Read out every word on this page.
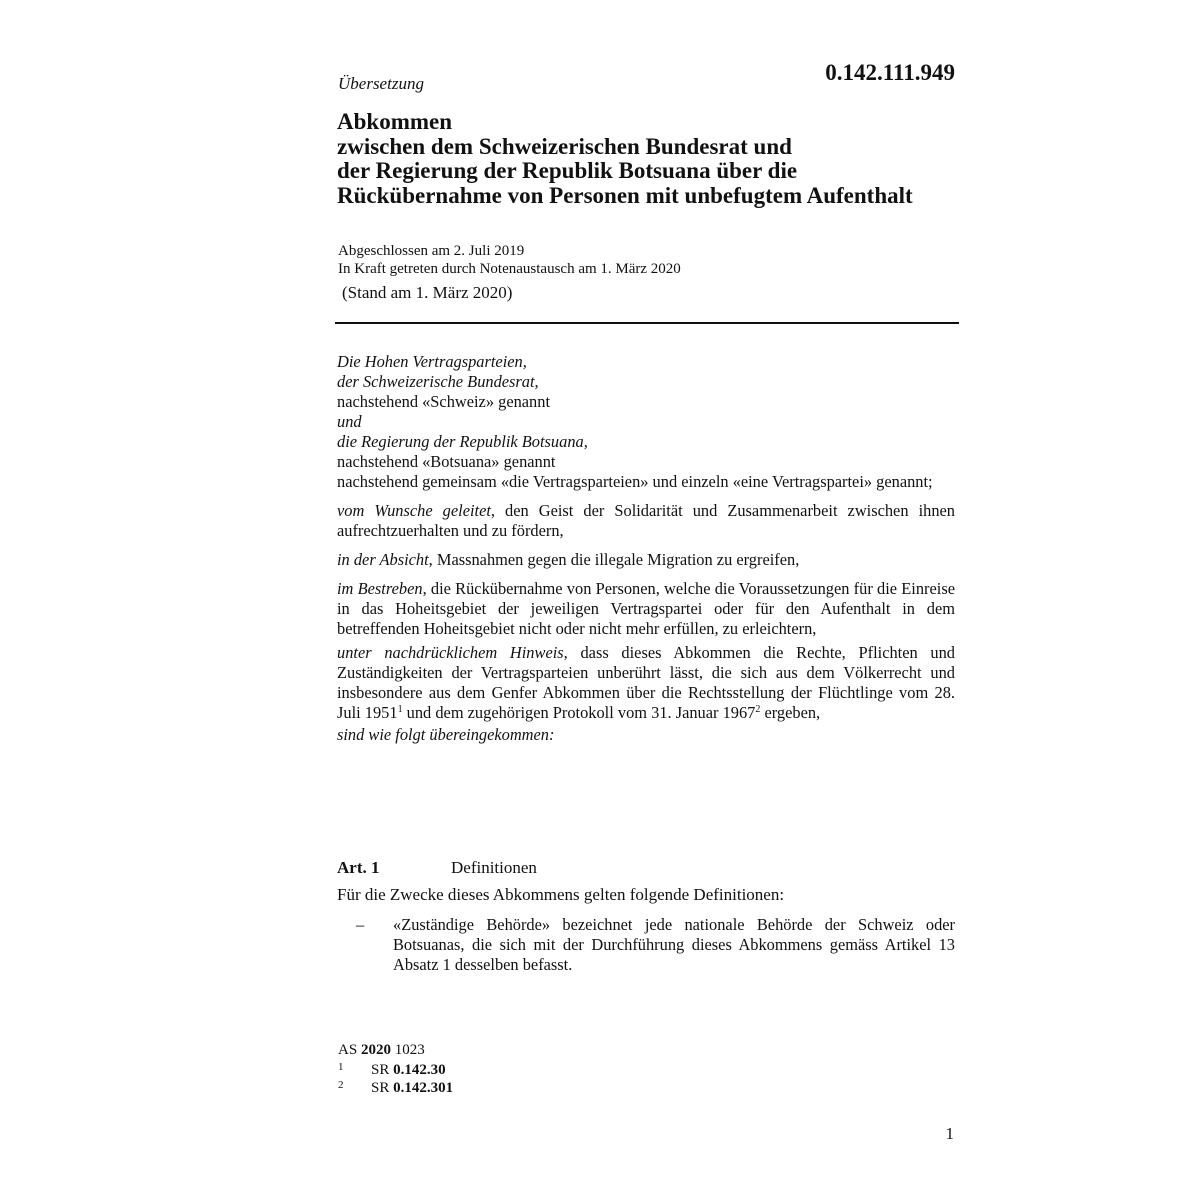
Übersetzung	0.142.111.949
Abkommen
zwischen dem Schweizerischen Bundesrat und
der Regierung der Republik Botsuana über die
Rückübernahme von Personen mit unbefugtem Aufenthalt
Abgeschlossen am 2. Juli 2019
In Kraft getreten durch Notenaustausch am 1. März 2020
(Stand am 1. März 2020)
Die Hohen Vertragsparteien,
der Schweizerische Bundesrat,
nachstehend «Schweiz» genannt
und
die Regierung der Republik Botsuana,
nachstehend «Botsuana» genannt
nachstehend gemeinsam «die Vertragsparteien» und einzeln «eine Vertragspartei» genannt;
vom Wunsche geleitet, den Geist der Solidarität und Zusammenarbeit zwischen ihnen aufrechtzuerhalten und zu fördern,
in der Absicht, Massnahmen gegen die illegale Migration zu ergreifen,
im Bestreben, die Rückübernahme von Personen, welche die Voraussetzungen für die Einreise in das Hoheitsgebiet der jeweiligen Vertragspartei oder für den Aufenthalt in dem betreffenden Hoheitsgebiet nicht oder nicht mehr erfüllen, zu erleichtern,
unter nachdrücklichem Hinweis, dass dieses Abkommen die Rechte, Pflichten und Zuständigkeiten der Vertragsparteien unberührt lässt, die sich aus dem Völkerrecht und insbesondere aus dem Genfer Abkommen über die Rechtsstellung der Flüchtlinge vom 28. Juli 1951$^1$ und dem zugehörigen Protokoll vom 31. Januar 1967$^2$ ergeben,
sind wie folgt übereingekommen:
Art. 1	Definitionen
Für die Zwecke dieses Abkommens gelten folgende Definitionen:
– «Zuständige Behörde» bezeichnet jede nationale Behörde der Schweiz oder Botsuanas, die sich mit der Durchführung dieses Abkommens gemäss Artikel 13 Absatz 1 desselben befasst.
AS 2020 1023
1 SR 0.142.30
2 SR 0.142.301
1
